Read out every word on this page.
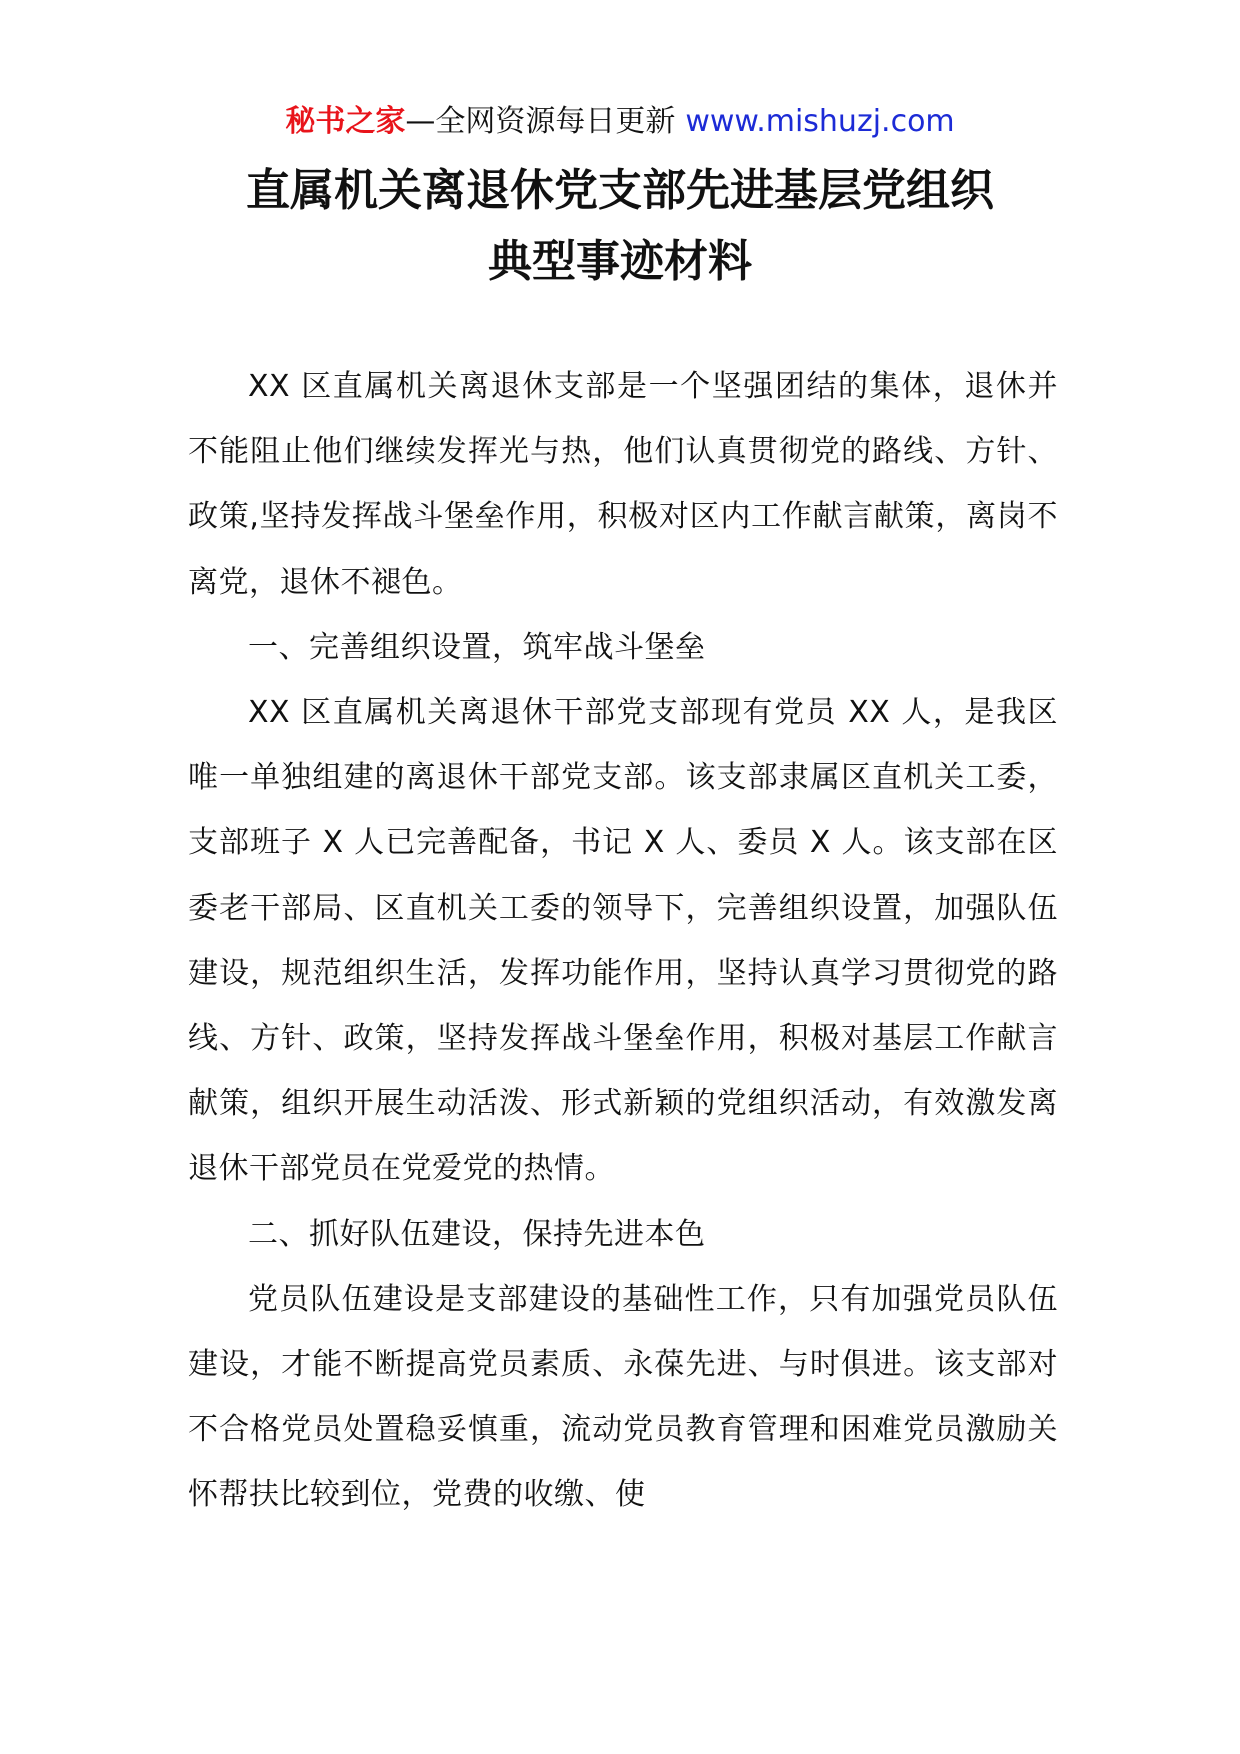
秘书之家—全网资源每日更新 www.mishuzj.com
直属机关离退休党支部先进基层党组织
典型事迹材料

XX 区直属机关离退休支部是一个坚强团结的集体，退休并不能阻止他们继续发挥光与热，他们认真贯彻党的路线、方针、政策,坚持发挥战斗堡垒作用，积极对区内工作献言献策，离岗不离党，退休不褪色。

一、完善组织设置，筑牢战斗堡垒

XX 区直属机关离退休干部党支部现有党员 XX 人，是我区唯一单独组建的离退休干部党支部。该支部隶属区直机关工委，支部班子 X 人已完善配备，书记 X 人、委员 X 人。该支部在区委老干部局、区直机关工委的领导下，完善组织设置，加强队伍建设，规范组织生活，发挥功能作用，坚持认真学习贯彻党的路线、方针、政策，坚持发挥战斗堡垒作用，积极对基层工作献言献策，组织开展生动活泼、形式新颖的党组织活动，有效激发离退休干部党员在党爱党的热情。

二、抓好队伍建设，保持先进本色

党员队伍建设是支部建设的基础性工作，只有加强党员队伍建设，才能不断提高党员素质、永葆先进、与时俱进。该支部对不合格党员处置稳妥慎重，流动党员教育管理和困难党员激励关怀帮扶比较到位，党费的收缴、使
